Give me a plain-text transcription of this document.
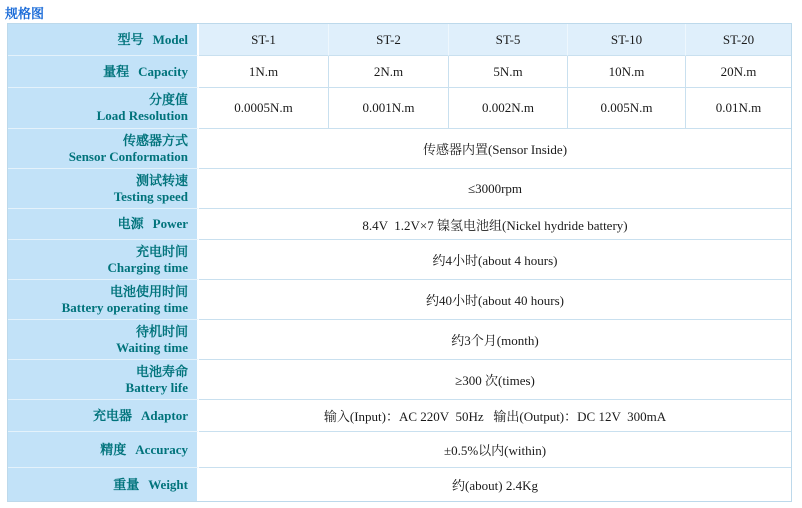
规格图
型号 Model	ST-1	ST-2	ST-5	ST-10	ST-20
量程 Capacity	1N.m	2N.m	5N.m	10N.m	20N.m

分度值
Load Resolution	0.0005N.m	0.001N.m	0.002N.m	0.005N.m	0.01N.m

传感器方式
Sensor Conformation	传感器内置(Sensor Inside)				

测试转速
Testing speed	≤3000rpm				
电源 Power	8.4V  1.2V×7 镍氢电池组(Nickel hydride battery)				

充电时间
Charging time	约4小时(about 4 hours)				

电池使用时间
Battery operating time	约40小时(about 40 hours)				

待机时间
Waiting time	约3个月(month)				

电池寿命
Battery life	≥300 次(times)				
充电器 Adaptor	输入(Input)：AC 220V  50Hz   输出(Output)：DC 12V  300mA				
精度 Accuracy	±0.5%以内(within)				
重量 Weight	约(about) 2.4Kg				
